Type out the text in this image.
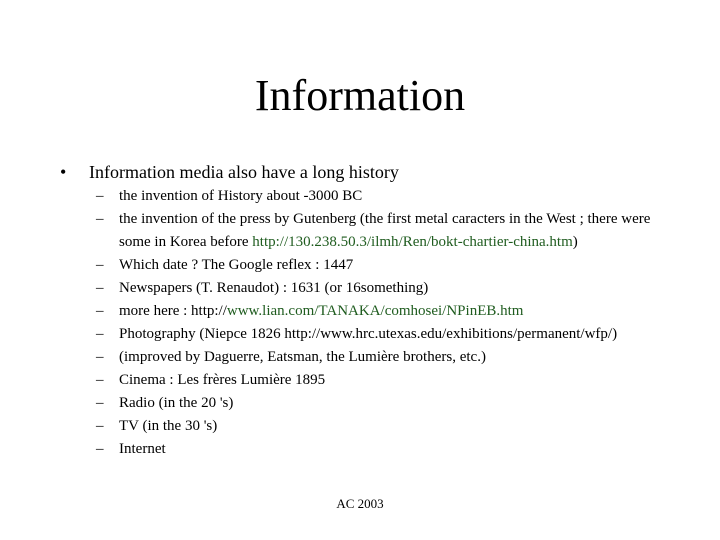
Information
• Information media also have a long history
– the invention of History about -3000 BC
– the invention of the press by Gutenberg (the first metal caracters in the West ; there were some in Korea before http://130.238.50.3/ilmh/Ren/bokt-chartier-china.htm)
– Which date ? The Google reflex : 1447
– Newspapers (T. Renaudot) : 1631 (or 16something)
– more here : http://www.lian.com/TANAKA/comhosei/NPinEB.htm
– Photography (Niepce 1826 http://www.hrc.utexas.edu/exhibitions/permanent/wfp/)
– (improved by Daguerre, Eatsman, the Lumière brothers, etc.)
– Cinema : Les frères Lumière 1895
– Radio (in the 20 's)
– TV (in the 30 's)
– Internet
AC 2003
